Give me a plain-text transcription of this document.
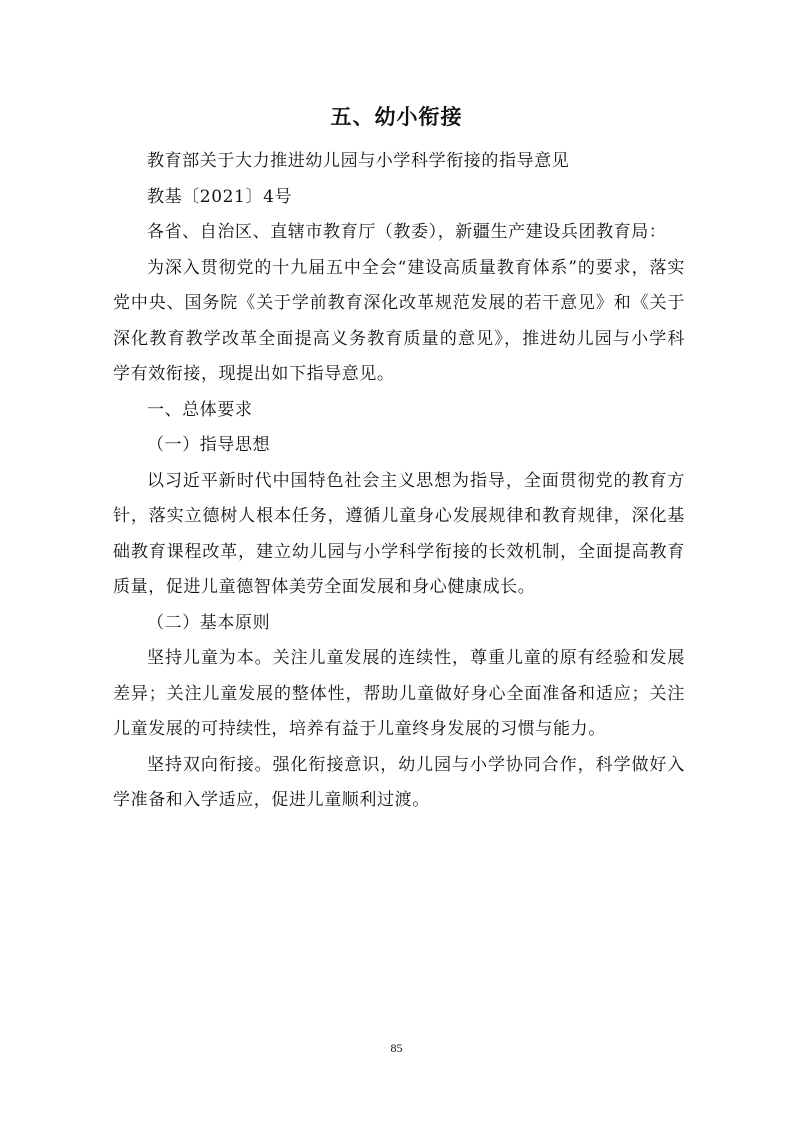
五、幼小衔接

教育部关于大力推进幼儿园与小学科学衔接的指导意见

教基〔2021〕4号

各省、自治区、直辖市教育厅（教委），新疆生产建设兵团教育局：

为深入贯彻党的十九届五中全会“建设高质量教育体系”的要求，落实党中央、国务院《关于学前教育深化改革规范发展的若干意见》和《关于深化教育教学改革全面提高义务教育质量的意见》，推进幼儿园与小学科学有效衔接，现提出如下指导意见。

一、总体要求

（一）指导思想

以习近平新时代中国特色社会主义思想为指导，全面贯彻党的教育方针，落实立德树人根本任务，遵循儿童身心发展规律和教育规律，深化基础教育课程改革，建立幼儿园与小学科学衔接的长效机制，全面提高教育质量，促进儿童德智体美劳全面发展和身心健康成长。

（二）基本原则

坚持儿童为本。关注儿童发展的连续性，尊重儿童的原有经验和发展差异；关注儿童发展的整体性，帮助儿童做好身心全面准备和适应；关注儿童发展的可持续性，培养有益于儿童终身发展的习惯与能力。

坚持双向衔接。强化衔接意识，幼儿园与小学协同合作，科学做好入学准备和入学适应，促进儿童顺利过渡。

85
